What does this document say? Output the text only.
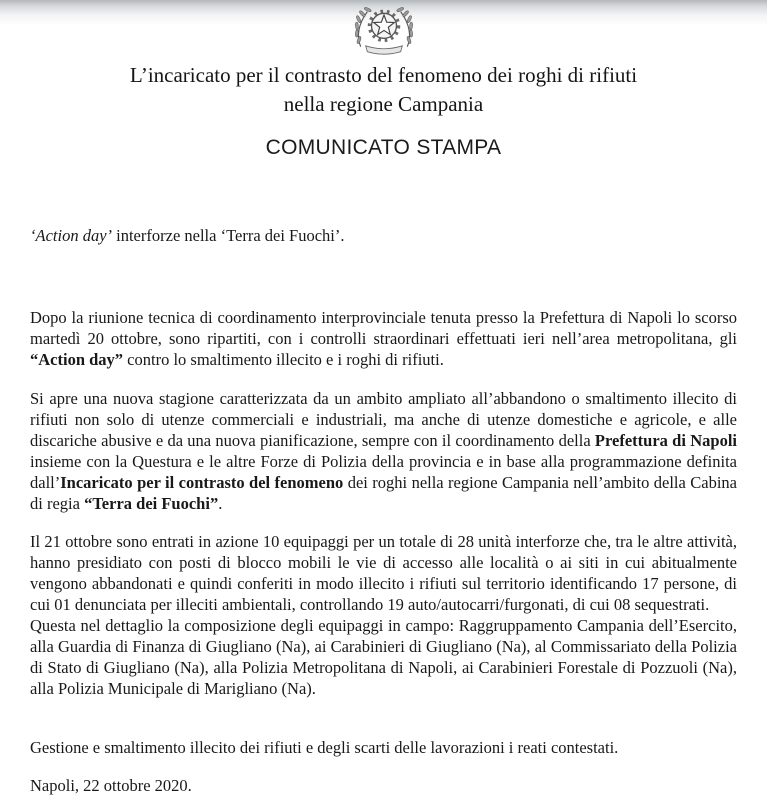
L’incaricato per il contrasto del fenomeno dei roghi di rifiuti
nella regione Campania
COMUNICATO STAMPA

‘Action day’ interforze nella ‘Terra dei Fuochi’.

Dopo la riunione tecnica di coordinamento interprovinciale tenuta presso la Prefettura di Napoli lo scorso martedì 20 ottobre, sono ripartiti, con i controlli straordinari effettuati ieri nell’area metropolitana, gli “Action day” contro lo smaltimento illecito e i roghi di rifiuti.

Si apre una nuova stagione caratterizzata da un ambito ampliato all’abbandono o smaltimento illecito di rifiuti non solo di utenze commerciali e industriali, ma anche di utenze domestiche e agricole, e alle discariche abusive e da una nuova pianificazione, sempre con il coordinamento della Prefettura di Napoli insieme con la Questura e le altre Forze di Polizia della provincia e in base alla programmazione definita dall’Incaricato per il contrasto del fenomeno dei roghi nella regione Campania nell’ambito della Cabina di regia “Terra dei Fuochi”.

Il 21 ottobre sono entrati in azione 10 equipaggi per un totale di 28 unità interforze che, tra le altre attività, hanno presidiato con posti di blocco mobili le vie di accesso alle località o ai siti in cui abitualmente vengono abbandonati e quindi conferiti in modo illecito i rifiuti sul territorio identificando 17 persone, di cui 01 denunciata per illeciti ambientali, controllando 19 auto/autocarri/furgonati, di cui 08 sequestrati.

Questa nel dettaglio la composizione degli equipaggi in campo: Raggruppamento Campania dell’Esercito, alla Guardia di Finanza di Giugliano (Na), ai Carabinieri di Giugliano (Na), al Commissariato della Polizia di Stato di Giugliano (Na), alla Polizia Metropolitana di Napoli, ai Carabinieri Forestale di Pozzuoli (Na), alla Polizia Municipale di Marigliano (Na).

Gestione e smaltimento illecito dei rifiuti e degli scarti delle lavorazioni i reati contestati.

Napoli, 22 ottobre 2020.
